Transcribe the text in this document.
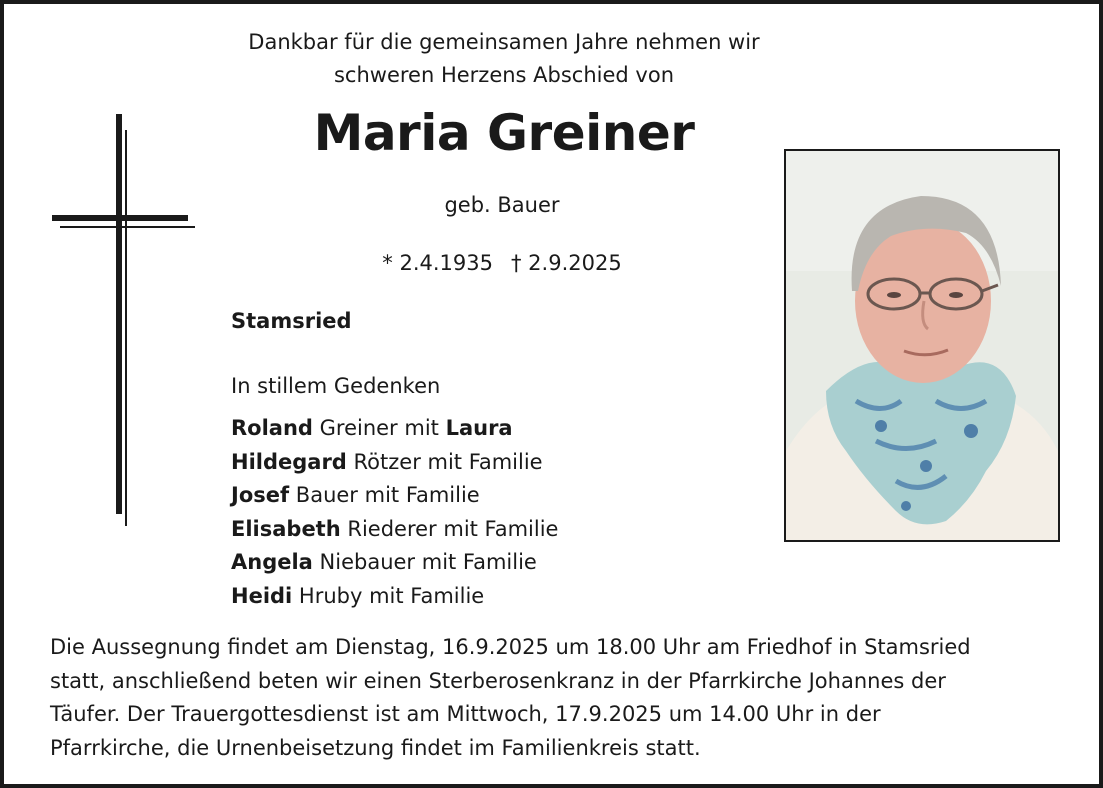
Dankbar für die gemeinsamen Jahre nehmen wir
schweren Herzens Abschied von
Maria Greiner
geb. Bauer
* 2.4.1935 † 2.9.2025
Stamsried
In stillem Gedenken
Roland Greiner mit Laura
Hildegard Rötzer mit Familie
Josef Bauer mit Familie
Elisabeth Riederer mit Familie
Angela Niebauer mit Familie
Heidi Hruby mit Familie
Die Aussegnung findet am Dienstag, 16.9.2025 um 18.00 Uhr am Friedhof in Stamsried
statt, anschließend beten wir einen Sterberosenkranz in der Pfarrkirche Johannes der
Täufer. Der Trauergottesdienst ist am Mittwoch, 17.9.2025 um 14.00 Uhr in der
Pfarrkirche, die Urnenbeisetzung findet im Familienkreis statt.
